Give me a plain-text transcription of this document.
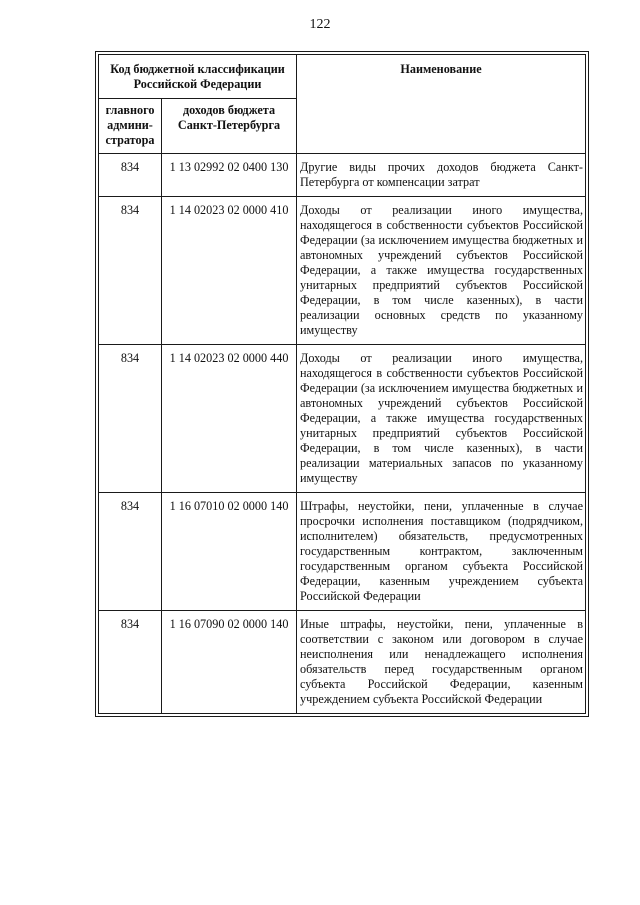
122
Код бюджетной классификации Российской Федерации		Наименование
главного админи-стратора	доходов бюджета Санкт-Петербурга	
834	1 13 02992 02 0400 130	Другие виды прочих доходов бюджета Санкт-Петербурга от компенсации затрат
834	1 14 02023 02 0000 410	Доходы от реализации иного имущества, находящегося в собственности субъектов Российской Федерации (за исключением имущества бюджетных и автономных учреждений субъектов Российской Федерации, а также имущества государственных унитарных предприятий субъектов Российской Федерации, в том числе казенных), в части реализации основных средств по указанному имуществу
834	1 14 02023 02 0000 440	Доходы от реализации иного имущества, находящегося в собственности субъектов Российской Федерации (за исключением имущества бюджетных и автономных учреждений субъектов Российской Федерации, а также имущества государственных унитарных предприятий субъектов Российской Федерации, в том числе казенных), в части реализации материальных запасов по указанному имуществу
834	1 16 07010 02 0000 140	Штрафы, неустойки, пени, уплаченные в случае просрочки исполнения поставщиком (подрядчиком, исполнителем) обязательств, предусмотренных государственным контрактом, заключенным государственным органом субъекта Российской Федерации, казенным учреждением субъекта Российской Федерации
834	1 16 07090 02 0000 140	Иные штрафы, неустойки, пени, уплаченные в соответствии с законом или договором в случае неисполнения или ненадлежащего исполнения обязательств перед государственным органом субъекта Российской Федерации, казенным учреждением субъекта Российской Федерации
